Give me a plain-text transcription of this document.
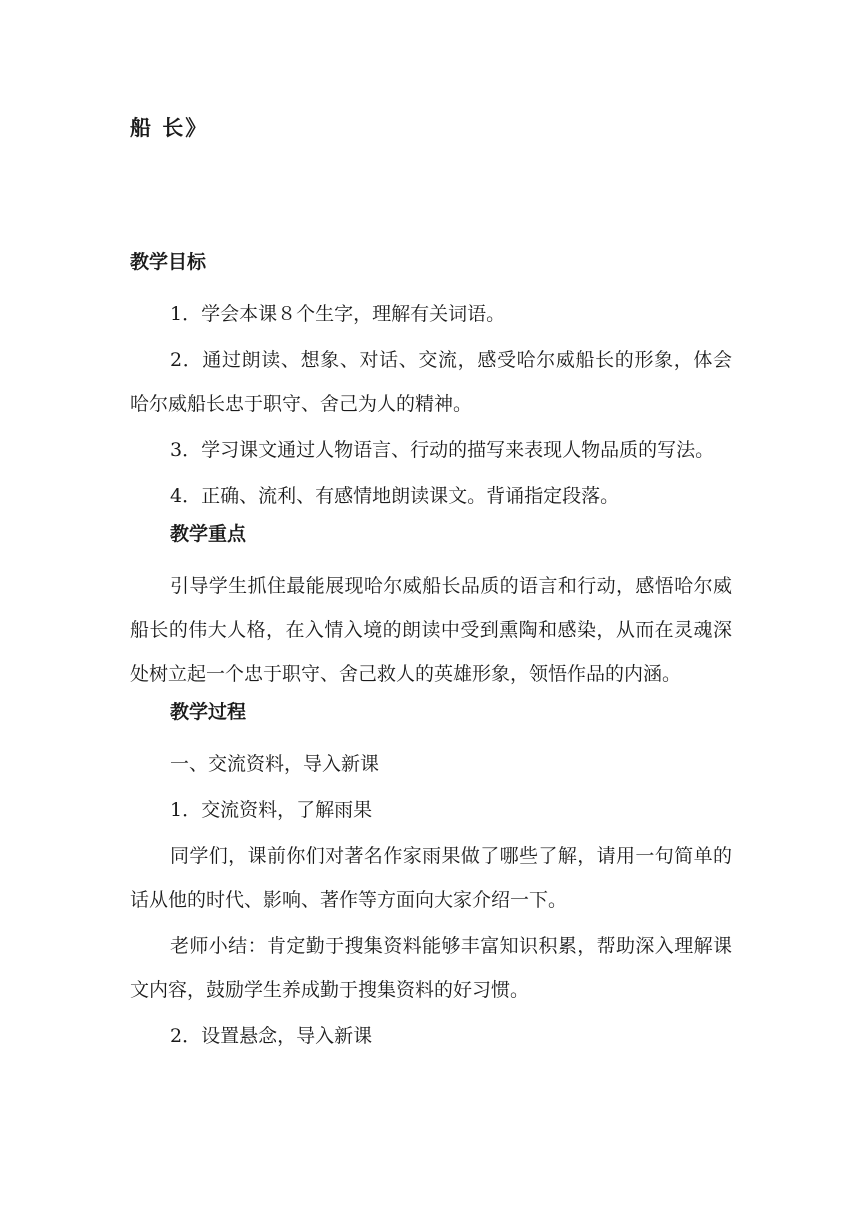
船 长》
教学目标

1．学会本课８个生字，理解有关词语。

2．通过朗读、想象、对话、交流，感受哈尔威船长的形象，体会哈尔威船长忠于职守、舍己为人的精神。

3．学习课文通过人物语言、行动的描写来表现人物品质的写法。

4．正确、流利、有感情地朗读课文。背诵指定段落。

教学重点

引导学生抓住最能展现哈尔威船长品质的语言和行动，感悟哈尔威船长的伟大人格，在入情入境的朗读中受到熏陶和感染，从而在灵魂深处树立起一个忠于职守、舍己救人的英雄形象，领悟作品的内涵。

教学过程

一、交流资料，导入新课

1．交流资料，了解雨果

同学们，课前你们对著名作家雨果做了哪些了解，请用一句简单的话从他的时代、影响、著作等方面向大家介绍一下。

老师小结：肯定勤于搜集资料能够丰富知识积累，帮助深入理解课文内容，鼓励学生养成勤于搜集资料的好习惯。

2．设置悬念，导入新课
